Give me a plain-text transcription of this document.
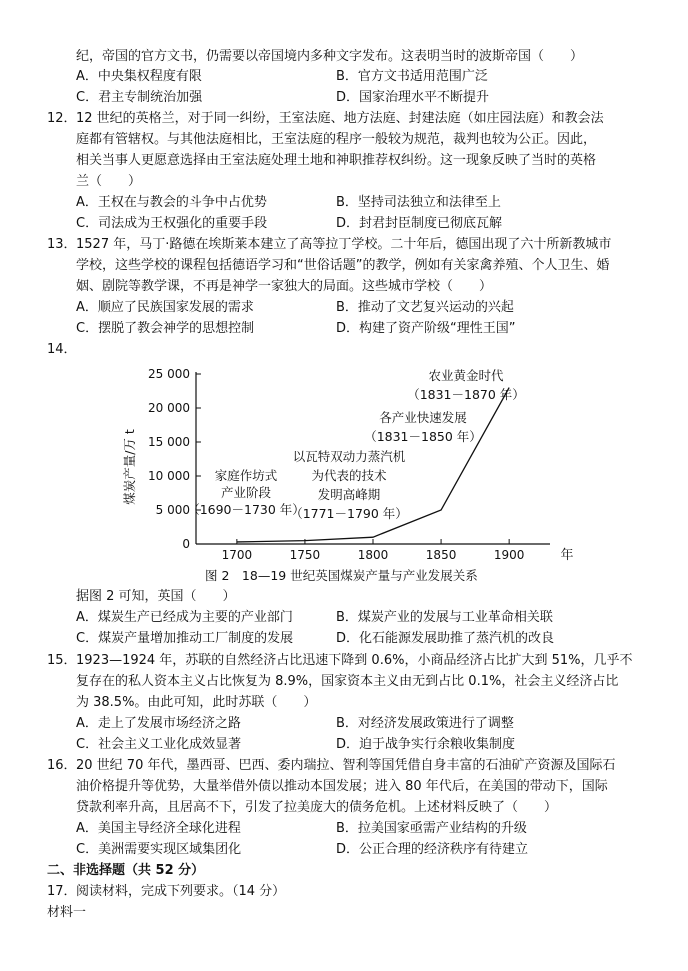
纪，帝国的官方文书，仍需要以帝国境内多种文字发布。这表明当时的波斯帝国（　　）
A．中央集权程度有限	B．官方文书适用范围广泛
C．君主专制统治加强	D．国家治理水平不断提升
12． 12 世纪的英格兰，对于同一纠纷，王室法庭、地方法庭、封建法庭（如庄园法庭）和教会法
庭都有管辖权。与其他法庭相比，王室法庭的程序一般较为规范，裁判也较为公正。因此，
相关当事人更愿意选择由王室法庭处理土地和神职推荐权纠纷。这一现象反映了当时的英格
兰（　　）
A．王权在与教会的斗争中占优势	B．坚持司法独立和法律至上
C．司法成为王权强化的重要手段	D．封君封臣制度已彻底瓦解
13． 1527 年，马丁·路德在埃斯莱本建立了高等拉丁学校。二十年后，德国出现了六十所新教城市
学校，这些学校的课程包括德语学习和“世俗话题”的教学，例如有关家禽养殖、个人卫生、婚
姻、剧院等教学课，不再是神学一家独大的局面。这些城市学校（　　）
A．顺应了民族国家发展的需求	B．推动了文艺复兴运动的兴起
C．摆脱了教会神学的思想控制	D．构建了资产阶级“理性王国”
14．
0
5 000
10 000
15 000
20 000
25 000
1700	1750	1800	1850	1900	年
煤炭产量/万 t	家庭作坊式
产业阶段
（1690－1730 年）
以瓦特双动力蒸汽机
为代表的技术
发明高峰期
（1771－1790 年）
各产业快速发展
（1831－1850 年）
农业黄金时代
（1831－1870 年）
图 2　18—19 世纪英国煤炭产量与产业发展关系
据图 2 可知，英国（　　）
A．煤炭生产已经成为主要的产业部门	B．煤炭产业的发展与工业革命相关联
C．煤炭产量增加推动工厂制度的发展	D．化石能源发展助推了蒸汽机的改良
15． 1923—1924 年，苏联的自然经济占比迅速下降到 0.6%，小商品经济占比扩大到 51%，几乎不
复存在的私人资本主义占比恢复为 8.9%，国家资本主义由无到占比 0.1%，社会主义经济占比
为 38.5%。由此可知，此时苏联（　　）
A．走上了发展市场经济之路	B．对经济发展政策进行了调整
C．社会主义工业化成效显著	D．迫于战争实行余粮收集制度
16． 20 世纪 70 年代，墨西哥、巴西、委内瑞拉、智利等国凭借自身丰富的石油矿产资源及国际石
油价格提升等优势，大量举借外债以推动本国发展；进入 80 年代后，在美国的带动下，国际
贷款利率升高，且居高不下，引发了拉美庞大的债务危机。上述材料反映了（　　）
A．美国主导经济全球化进程	B．拉美国家亟需产业结构的升级
C．美洲需要实现区域集团化	D．公正合理的经济秩序有待建立
二、非选择题（共 52 分）
17． 阅读材料，完成下列要求。（14 分）
材料一
